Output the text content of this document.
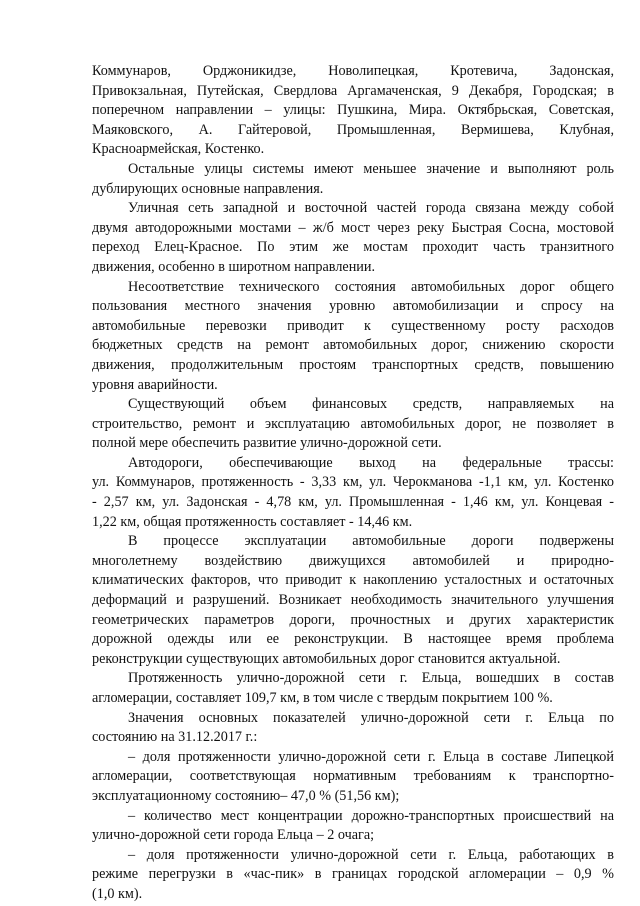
Коммунаров, Орджоникидзе, Новолипецкая, Кротевича, Задонская,
Привокзальная, Путейская, Свердлова Аргамаченская, 9 Декабря, Городская; в
поперечном направлении – улицы: Пушкина, Мира. Октябрьская, Советская,
Маяковского, А. Гайтеровой, Промышленная, Вермишева, Клубная,
Красноармейская, Костенко.

Остальные улицы системы имеют меньшее значение и выполняют роль
дублирующих основные направления.

Уличная сеть западной и восточной частей города связана между собой
двумя автодорожными мостами – ж/б мост через реку Быстрая Сосна, мостовой
переход Елец-Красное. По этим же мостам проходит часть транзитного
движения, особенно в широтном направлении.

Несоответствие технического состояния автомобильных дорог общего
пользования местного значения уровню автомобилизации и спросу на
автомобильные перевозки приводит к существенному росту расходов
бюджетных средств на ремонт автомобильных дорог, снижению скорости
движения, продолжительным простоям транспортных средств, повышению
уровня аварийности.

Существующий объем финансовых средств, направляемых на
строительство, ремонт и эксплуатацию автомобильных дорог, не позволяет в
полной мере обеспечить развитие улично-дорожной сети.

Автодороги, обеспечивающие выход на федеральные трассы:
ул. Коммунаров, протяженность - 3,33 км, ул. Черокманова -1,1 км, ул. Костенко
- 2,57 км, ул. Задонская - 4,78 км, ул. Промышленная - 1,46 км, ул. Концевая -
1,22 км, общая протяженность составляет - 14,46 км.

В процессе эксплуатации автомобильные дороги подвержены
многолетнему воздействию движущихся автомобилей и природно-
климатических факторов, что приводит к накоплению усталостных и остаточных
деформаций и разрушений. Возникает необходимость значительного улучшения
геометрических параметров дороги, прочностных и других характеристик
дорожной одежды или ее реконструкции. В настоящее время проблема
реконструкции существующих автомобильных дорог становится актуальной.

Протяженность улично-дорожной сети г. Ельца, вошедших в состав
агломерации, составляет 109,7 км, в том числе с твердым покрытием 100 %.

Значения основных показателей улично-дорожной сети г. Ельца по
состоянию на 31.12.2017 г.:

– доля протяженности улично-дорожной сети г. Ельца в составе Липецкой
агломерации, соответствующая нормативным требованиям к транспортно-
эксплуатационному состоянию– 47,0 % (51,56 км);

– количество мест концентрации дорожно-транспортных происшествий на
улично-дорожной сети города Ельца – 2 очага;

– доля протяженности улично-дорожной сети г. Ельца, работающих в
режиме перегрузки в «час-пик» в границах городской агломерации – 0,9 %
(1,0 км).
